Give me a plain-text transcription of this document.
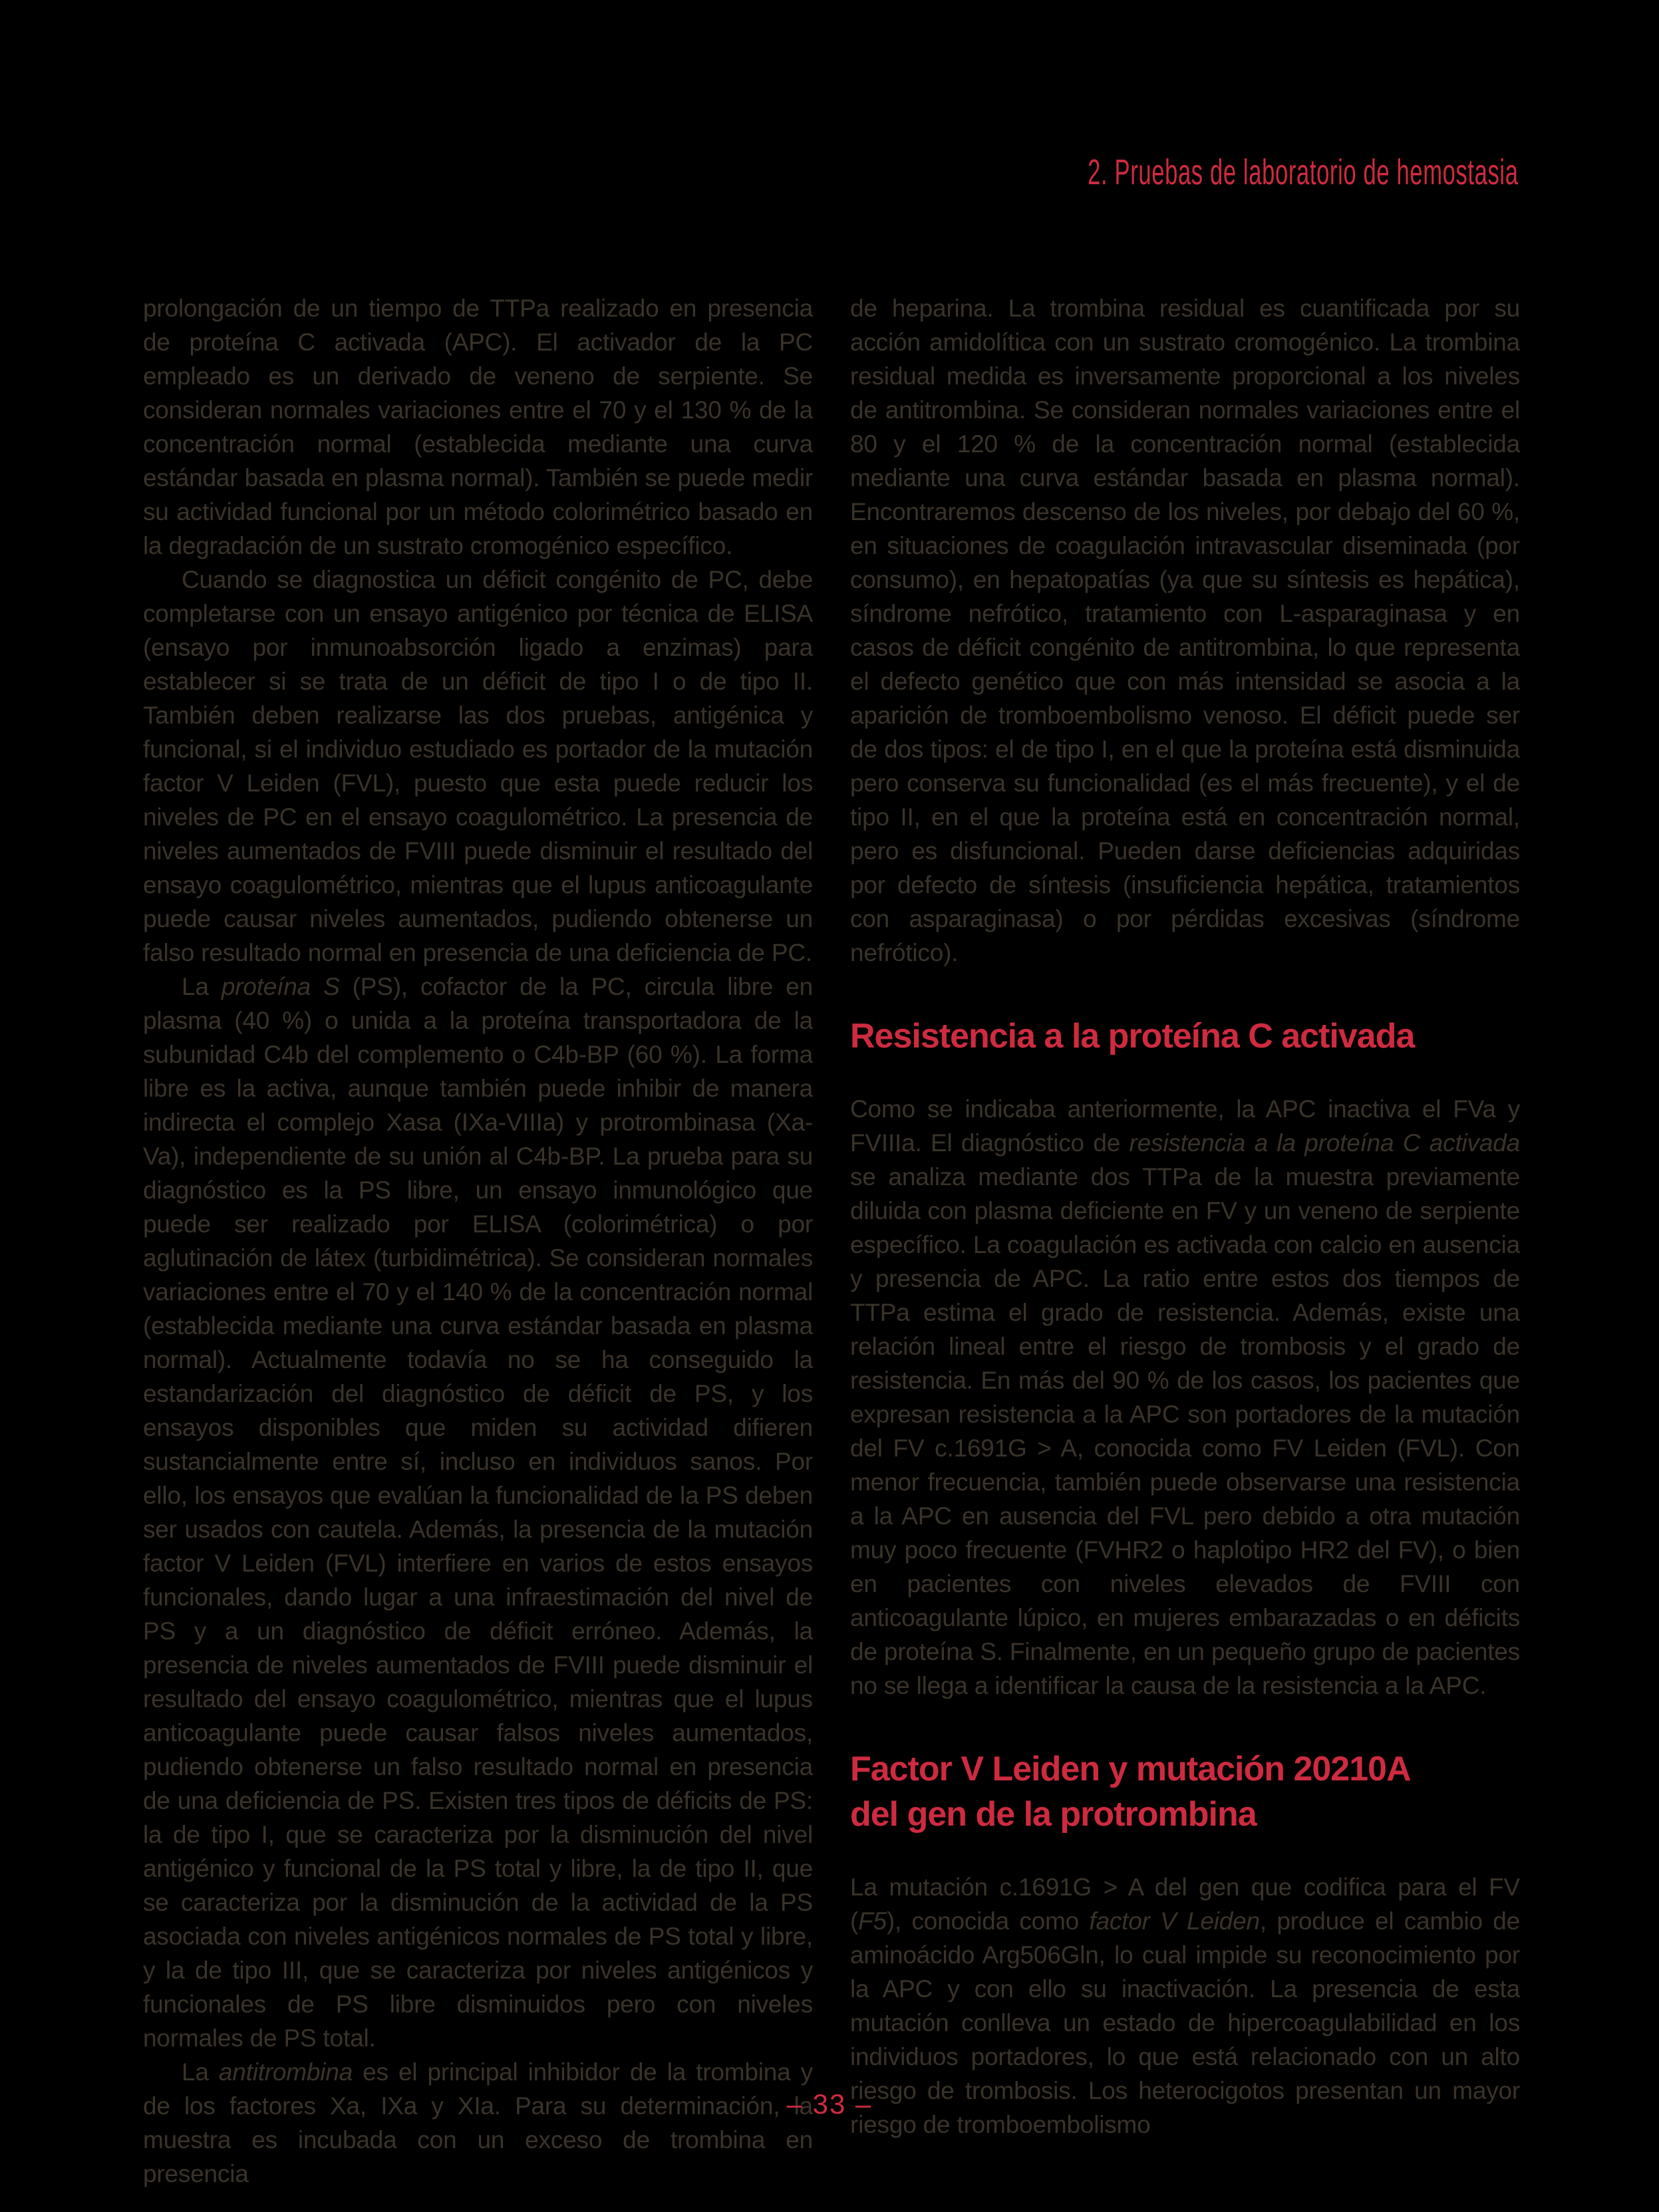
2. Pruebas de laboratorio de hemostasia

prolongación de un tiempo de TTPa realizado en presencia de proteína C activada (APC). El activador de la PC empleado es un derivado de veneno de serpiente. Se consideran normales variaciones entre el 70 y el 130 % de la concentración normal (establecida mediante una curva estándar basada en plasma normal). También se puede medir su actividad funcional por un método colorimétrico basado en la degradación de un sustrato cromogénico específico.

Cuando se diagnostica un déficit congénito de PC, debe completarse con un ensayo antigénico por técnica de ELISA (ensayo por inmunoabsorción ligado a enzimas) para establecer si se trata de un déficit de tipo I o de tipo II. También deben realizarse las dos pruebas, antigénica y funcional, si el individuo estudiado es portador de la mutación factor V Leiden (FVL), puesto que esta puede reducir los niveles de PC en el ensayo coagulométrico. La presencia de niveles aumentados de FVIII puede disminuir el resultado del ensayo coagulométrico, mientras que el lupus anticoagulante puede causar niveles aumentados, pudiendo obtenerse un falso resultado normal en presencia de una deficiencia de PC.

La proteína S (PS), cofactor de la PC, circula libre en plasma (40 %) o unida a la proteína transportadora de la subunidad C4b del complemento o C4b-BP (60 %). La forma libre es la activa, aunque también puede inhibir de manera indirecta el complejo Xasa (IXa-VIIIa) y protrombinasa (Xa-Va), independiente de su unión al C4b-BP. La prueba para su diagnóstico es la PS libre, un ensayo inmunológico que puede ser realizado por ELISA (colorimétrica) o por aglutinación de látex (turbidimétrica). Se consideran normales variaciones entre el 70 y el 140 % de la concentración normal (establecida mediante una curva estándar basada en plasma normal). Actualmente todavía no se ha conseguido la estandarización del diagnóstico de déficit de PS, y los ensayos disponibles que miden su actividad difieren sustancialmente entre sí, incluso en individuos sanos. Por ello, los ensayos que evalúan la funcionalidad de la PS deben ser usados con cautela. Además, la presencia de la mutación factor V Leiden (FVL) interfiere en varios de estos ensayos funcionales, dando lugar a una infraestimación del nivel de PS y a un diagnóstico de déficit erróneo. Además, la presencia de niveles aumentados de FVIII puede disminuir el resultado del ensayo coagulométrico, mientras que el lupus anticoagulante puede causar falsos niveles aumentados, pudiendo obtenerse un falso resultado normal en presencia de una deficiencia de PS. Existen tres tipos de déficits de PS: la de tipo I, que se caracteriza por la disminución del nivel antigénico y funcional de la PS total y libre, la de tipo II, que se caracteriza por la disminución de la actividad de la PS asociada con niveles antigénicos normales de PS total y libre, y la de tipo III, que se caracteriza por niveles antigénicos y funcionales de PS libre disminuidos pero con niveles normales de PS total.

La antitrombina es el principal inhibidor de la trombina y de los factores Xa, IXa y XIa. Para su determinación, la muestra es incubada con un exceso de trombina en presencia

de heparina. La trombina residual es cuantificada por su acción amidolítica con un sustrato cromogénico. La trombina residual medida es inversamente proporcional a los niveles de antitrombina. Se consideran normales variaciones entre el 80 y el 120 % de la concentración normal (establecida mediante una curva estándar basada en plasma normal). Encontraremos descenso de los niveles, por debajo del 60 %, en situaciones de coagulación intravascular diseminada (por consumo), en hepatopatías (ya que su síntesis es hepática), síndrome nefrótico, tratamiento con L-asparaginasa y en casos de déficit congénito de antitrombina, lo que representa el defecto genético que con más intensidad se asocia a la aparición de tromboembolismo venoso. El déficit puede ser de dos tipos: el de tipo I, en el que la proteína está disminuida pero conserva su funcionalidad (es el más frecuente), y el de tipo II, en el que la proteína está en concentración normal, pero es disfuncional. Pueden darse deficiencias adquiridas por defecto de síntesis (insuficiencia hepática, tratamientos con asparaginasa) o por pérdidas excesivas (síndrome nefrótico).

Resistencia a la proteína C activada

Como se indicaba anteriormente, la APC inactiva el FVa y FVIIIa. El diagnóstico de resistencia a la proteína C activada se analiza mediante dos TTPa de la muestra previamente diluida con plasma deficiente en FV y un veneno de serpiente específico. La coagulación es activada con calcio en ausencia y presencia de APC. La ratio entre estos dos tiempos de TTPa estima el grado de resistencia. Además, existe una relación lineal entre el riesgo de trombosis y el grado de resistencia. En más del 90 % de los casos, los pacientes que expresan resistencia a la APC son portadores de la mutación del FV c.1691G > A, conocida como FV Leiden (FVL). Con menor frecuencia, también puede observarse una resistencia a la APC en ausencia del FVL pero debido a otra mutación muy poco frecuente (FVHR2 o haplotipo HR2 del FV), o bien en pacientes con niveles elevados de FVIII con anticoagulante lúpico, en mujeres embarazadas o en déficits de proteína S. Finalmente, en un pequeño grupo de pacientes no se llega a identificar la causa de la resistencia a la APC.

Factor V Leiden y mutación 20210A
del gen de la protrombina

La mutación c.1691G > A del gen que codifica para el FV (F5), conocida como factor V Leiden, produce el cambio de aminoácido Arg506Gln, lo cual impide su reconocimiento por la APC y con ello su inactivación. La presencia de esta mutación conlleva un estado de hipercoagulabilidad en los individuos portadores, lo que está relacionado con un alto riesgo de trombosis. Los heterocigotos presentan un mayor riesgo de tromboembolismo

– 33 –
